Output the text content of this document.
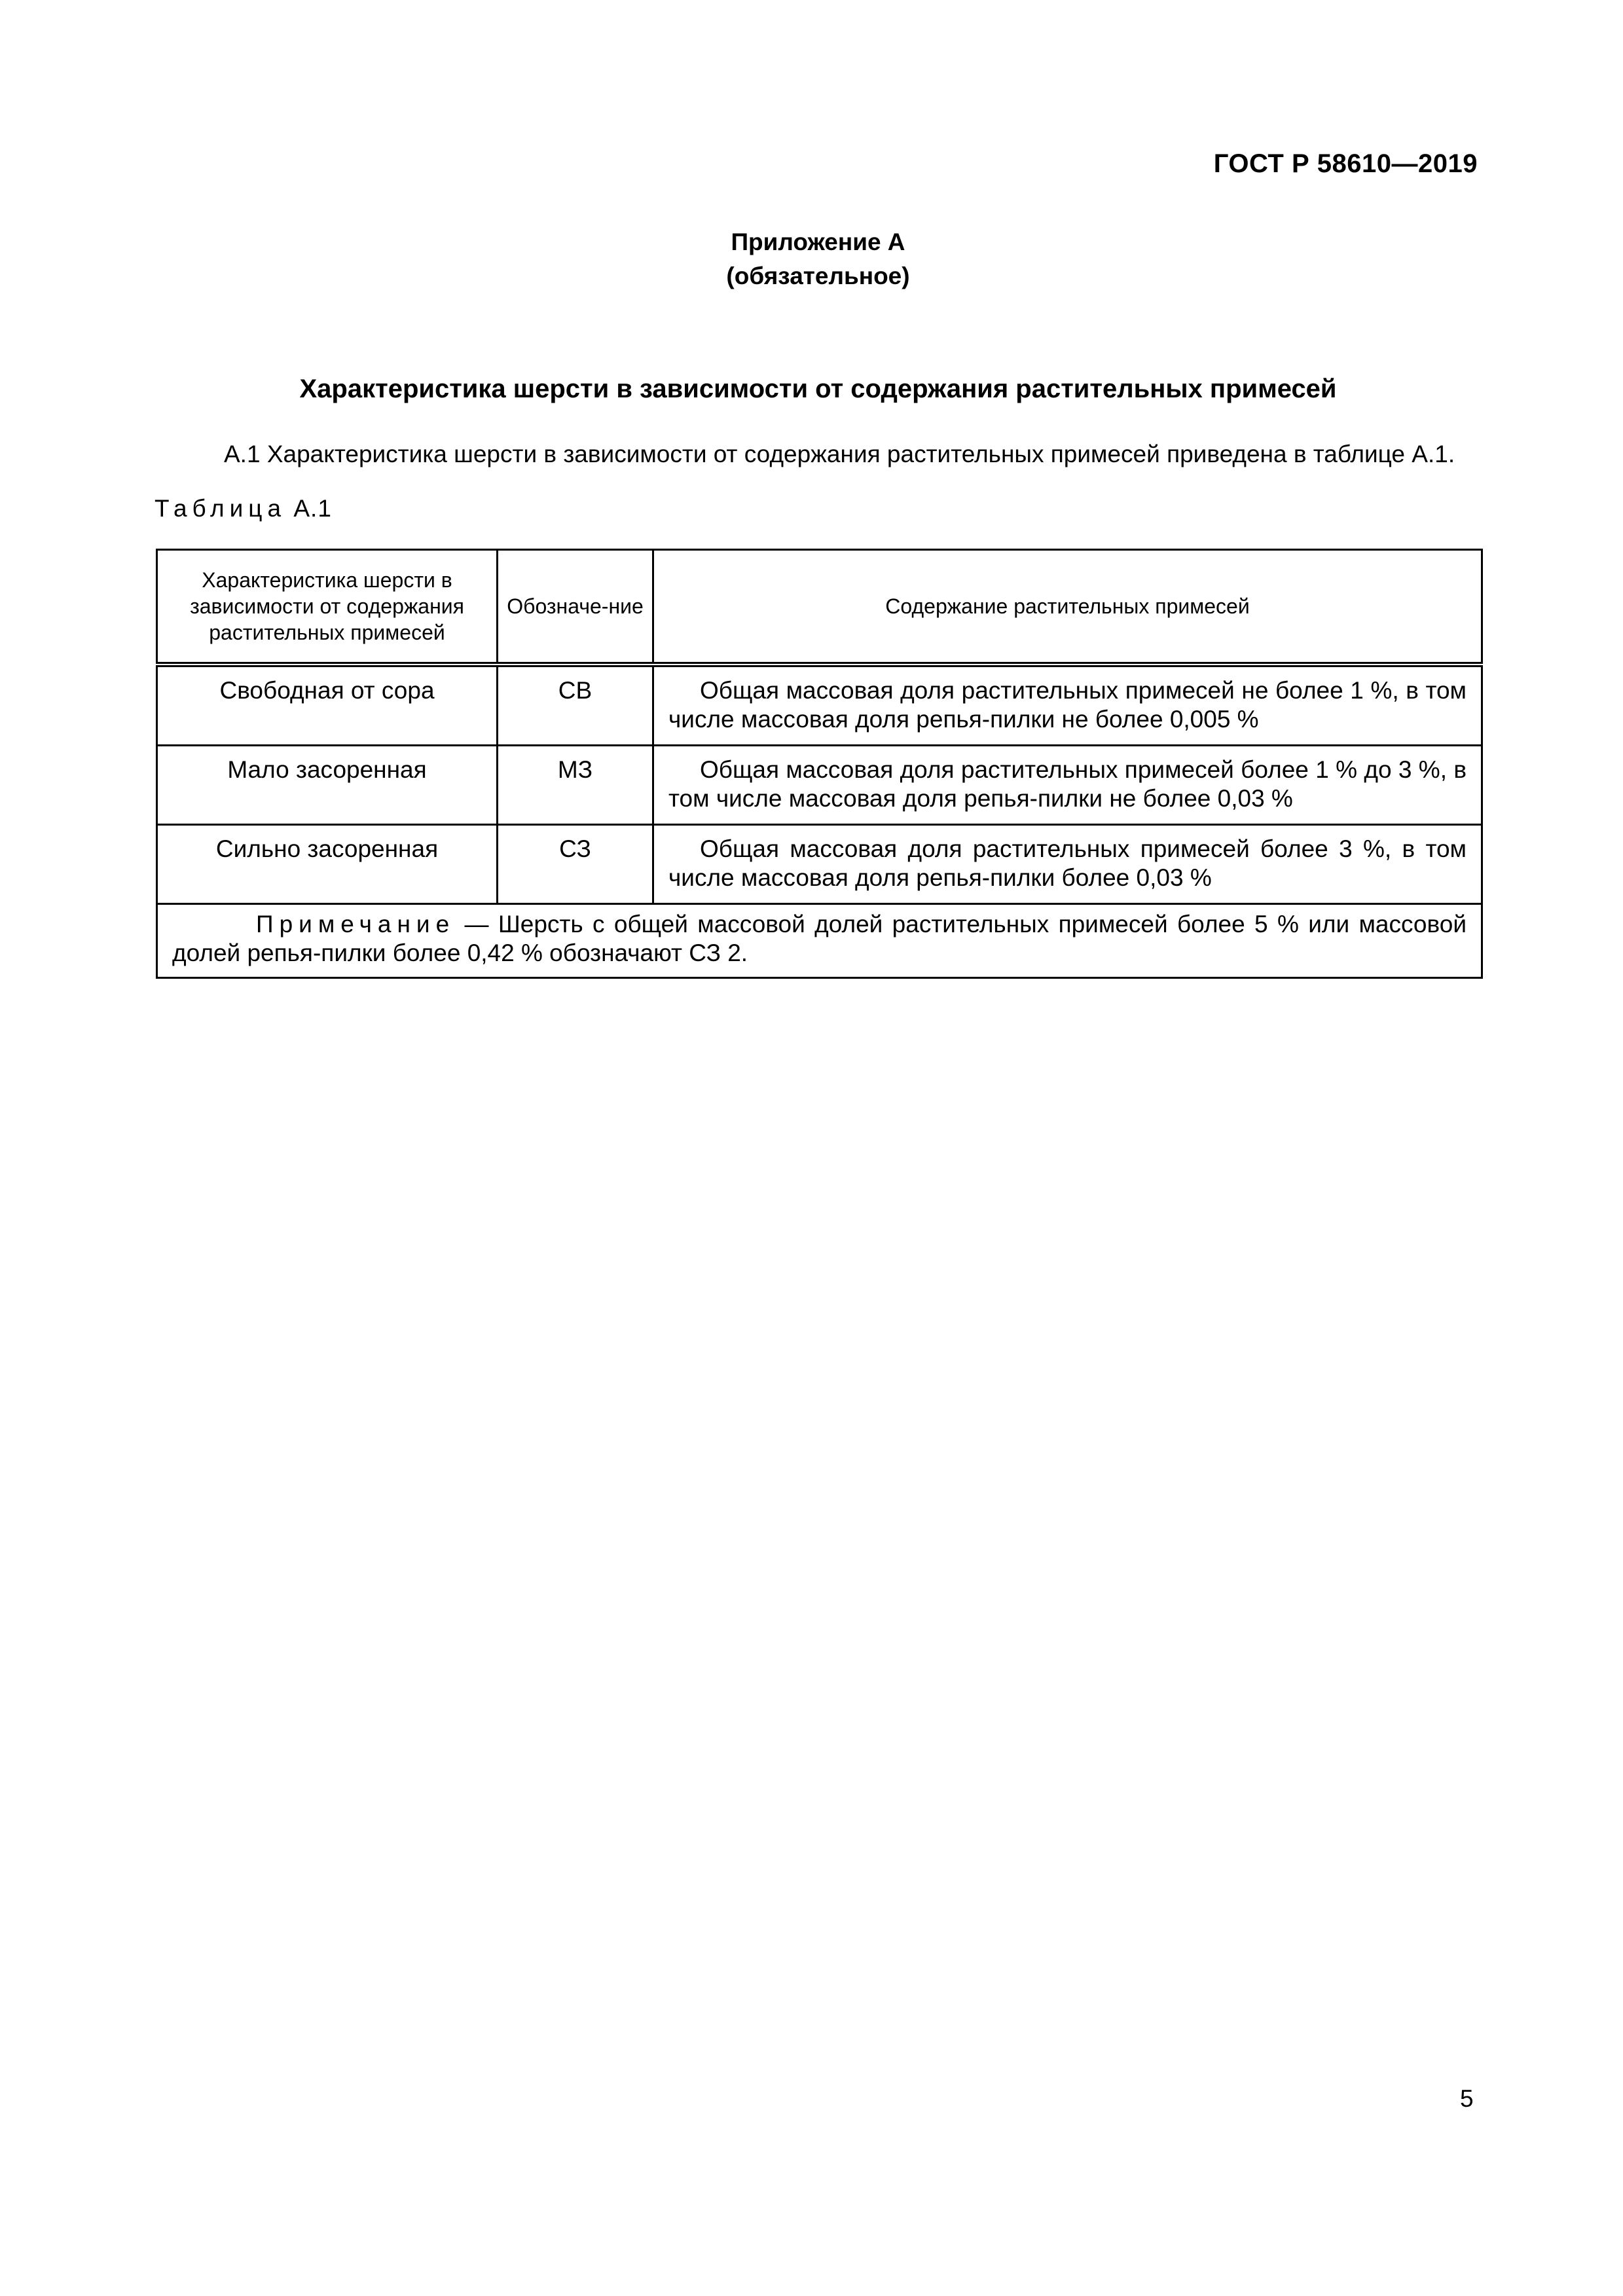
ГОСТ Р 58610—2019
Приложение А
(обязательное)
Характеристика шерсти в зависимости от содержания растительных примесей
А.1 Характеристика шерсти в зависимости от содержания растительных примесей приведена в таблице А.1.
Таблица А.1
Характеристика шерсти в зависимости от содержания растительных примесей	Обозначе-ние	Содержание растительных примесей
Свободная от сора	СВ	Общая массовая доля растительных примесей не более 1 %, в том числе массовая доля репья-пилки не более 0,005 %
Мало засоренная	МЗ	Общая массовая доля растительных примесей более 1 % до 3 %, в том числе массовая доля репья-пилки не более 0,03 %
Сильно засоренная	СЗ	Общая массовая доля растительных примесей более 3 %, в том числе массовая доля репья-пилки более 0,03 %
Примечание — Шерсть с общей массовой долей растительных примесей более 5 % или массовой долей репья-пилки более 0,42 % обозначают СЗ 2.		
5
